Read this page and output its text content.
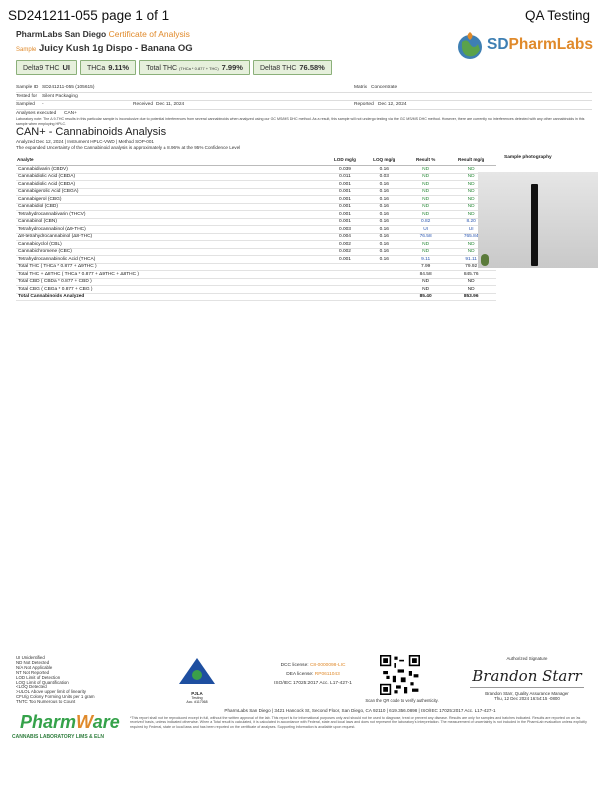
SD241211-055 page 1 of 1	QA Testing
PharmLabs San Diego Certificate of Analysis
Sample Juicy Kush 1g Dispo - Banana OG	SDPharmLabs
Delta9 THC UI	THCa 9.11%	Total THC (THCa * 0.877 + THC) 7.99%	Delta8 THC 76.58%
Sample ID SD241211-055 (105615)	Matrix Concentrate
Tested for Silent Packaging
Sampled -	Received Dec 11, 2024	Reported Dec 12, 2024
Analyses executed CAN+
Laboratory note: The Δ 9-THC results in this particular sample is inconclusive due to potential interferences from several cannabinoids when analyzed using our GC MS/MS DHC method. As a result, this sample will not undergo testing via the GC MS/MS DHC method. However, there are currently no interferences detected with any other cannabinoids in this sample when employing HPLC.
CAN+ - Cannabinoids Analysis
Analyzed Dec 12, 2024 | Instrument HPLC-VWD | Method SOP-001
The expanded Uncertainty of the Cannabinoid analysis is approximately ± 8.96% at the 95% Confidence Level
Analyte	LOD mg/g	LOQ mg/g	Result %	Result mg/g
Cannabidivarin (CBDV)	0.039	0.16	ND	ND
Cannabidiolic Acid (CBDA)	0.011	0.03	ND	ND
Cannabidiolic Acid (CBDA)	0.001	0.16	ND	ND
Cannabigerolic Acid (CBGA)	0.001	0.16	ND	ND
Cannabigerol (CBG)	0.001	0.16	ND	ND
Cannabidiol (CBD)	0.001	0.16	ND	ND
Tetrahydrocannabivarin (THCV)	0.001	0.16	ND	ND
Cannabinol (CBN)	0.001	0.16	0.82	8.20
Tetrahydrocannabinol (Δ9-THC)	0.003	0.16	UI	UI
Δ8-tetrahydrocannabinol (Δ8-THC)	0.004	0.16	76.58	765.84
Cannabicyclol (CBL)	0.002	0.16	ND	ND
Cannabichromene (CBC)	0.002	0.16	ND	ND
Tetrahydrocannabinolic Acid (THCA)	0.001	0.16	9.11	91.11
Total THC ( THCa * 0.877 + Δ9THC )			7.99	79.92
Total THC + Δ8THC ( THCa * 0.877 + Δ9THC + Δ8THC )			84.58	845.76
Total CBD ( CBDa * 0.877 + CBD )			ND	ND
Total CBG ( CBGa * 0.877 + CBG )			ND	ND
Total Cannabinoids Analyzed			85.40	853.96
Sample photography
UI Unidentified
ND Not Detected
N/A Not Applicable
NT Not Reported
LOD Limit of Detection
LOQ Limit of Quantification
<LOQ Detected
>ULOL Above upper limit of linearity
CFU/g Colony Forming Units per 1 gram
TNTC Too Numerous to Count
PJLA
Testing
Acc. #117068
DCC license: C8-0000098-LIC
DEA license: RP0611043
ISO/IEC 17025:2017 Acc. L17-427-1
Scan the QR code to verify authenticity.
Authorized Signature
Brandon Starr
Brandon Starr, Quality Assurance Manager
Thu, 12 Dec 2024 16:54:15 -0800
PharmWare
CANNABIS LABORATORY LIMS & ELN
PharmLabs San Diego | 3421 Hancock St, Second Floor, San Diego, CA 92110 | 619.356.0898 | ISO/IEC 17025:2017 Acc. L17-427-1
*This report shall not be reproduced except in full, without the written approval of the lab. This report is for informational purposes only and should not be used to diagnose, treat or prevent any disease. Results are only for samples and batches indicated. Results are reported on an 'as received' basis, unless indicated otherwise. When a Total result is calculated, it is calculated in accordance with Federal, state and local laws and does not represent the laboratory's interpretation. The measurement of uncertainty is not included in the PharmLab evaluation unless explicitly required by Federal, state or local laws and has been reported on the certificate of analyses. Supporting information is available upon request.
